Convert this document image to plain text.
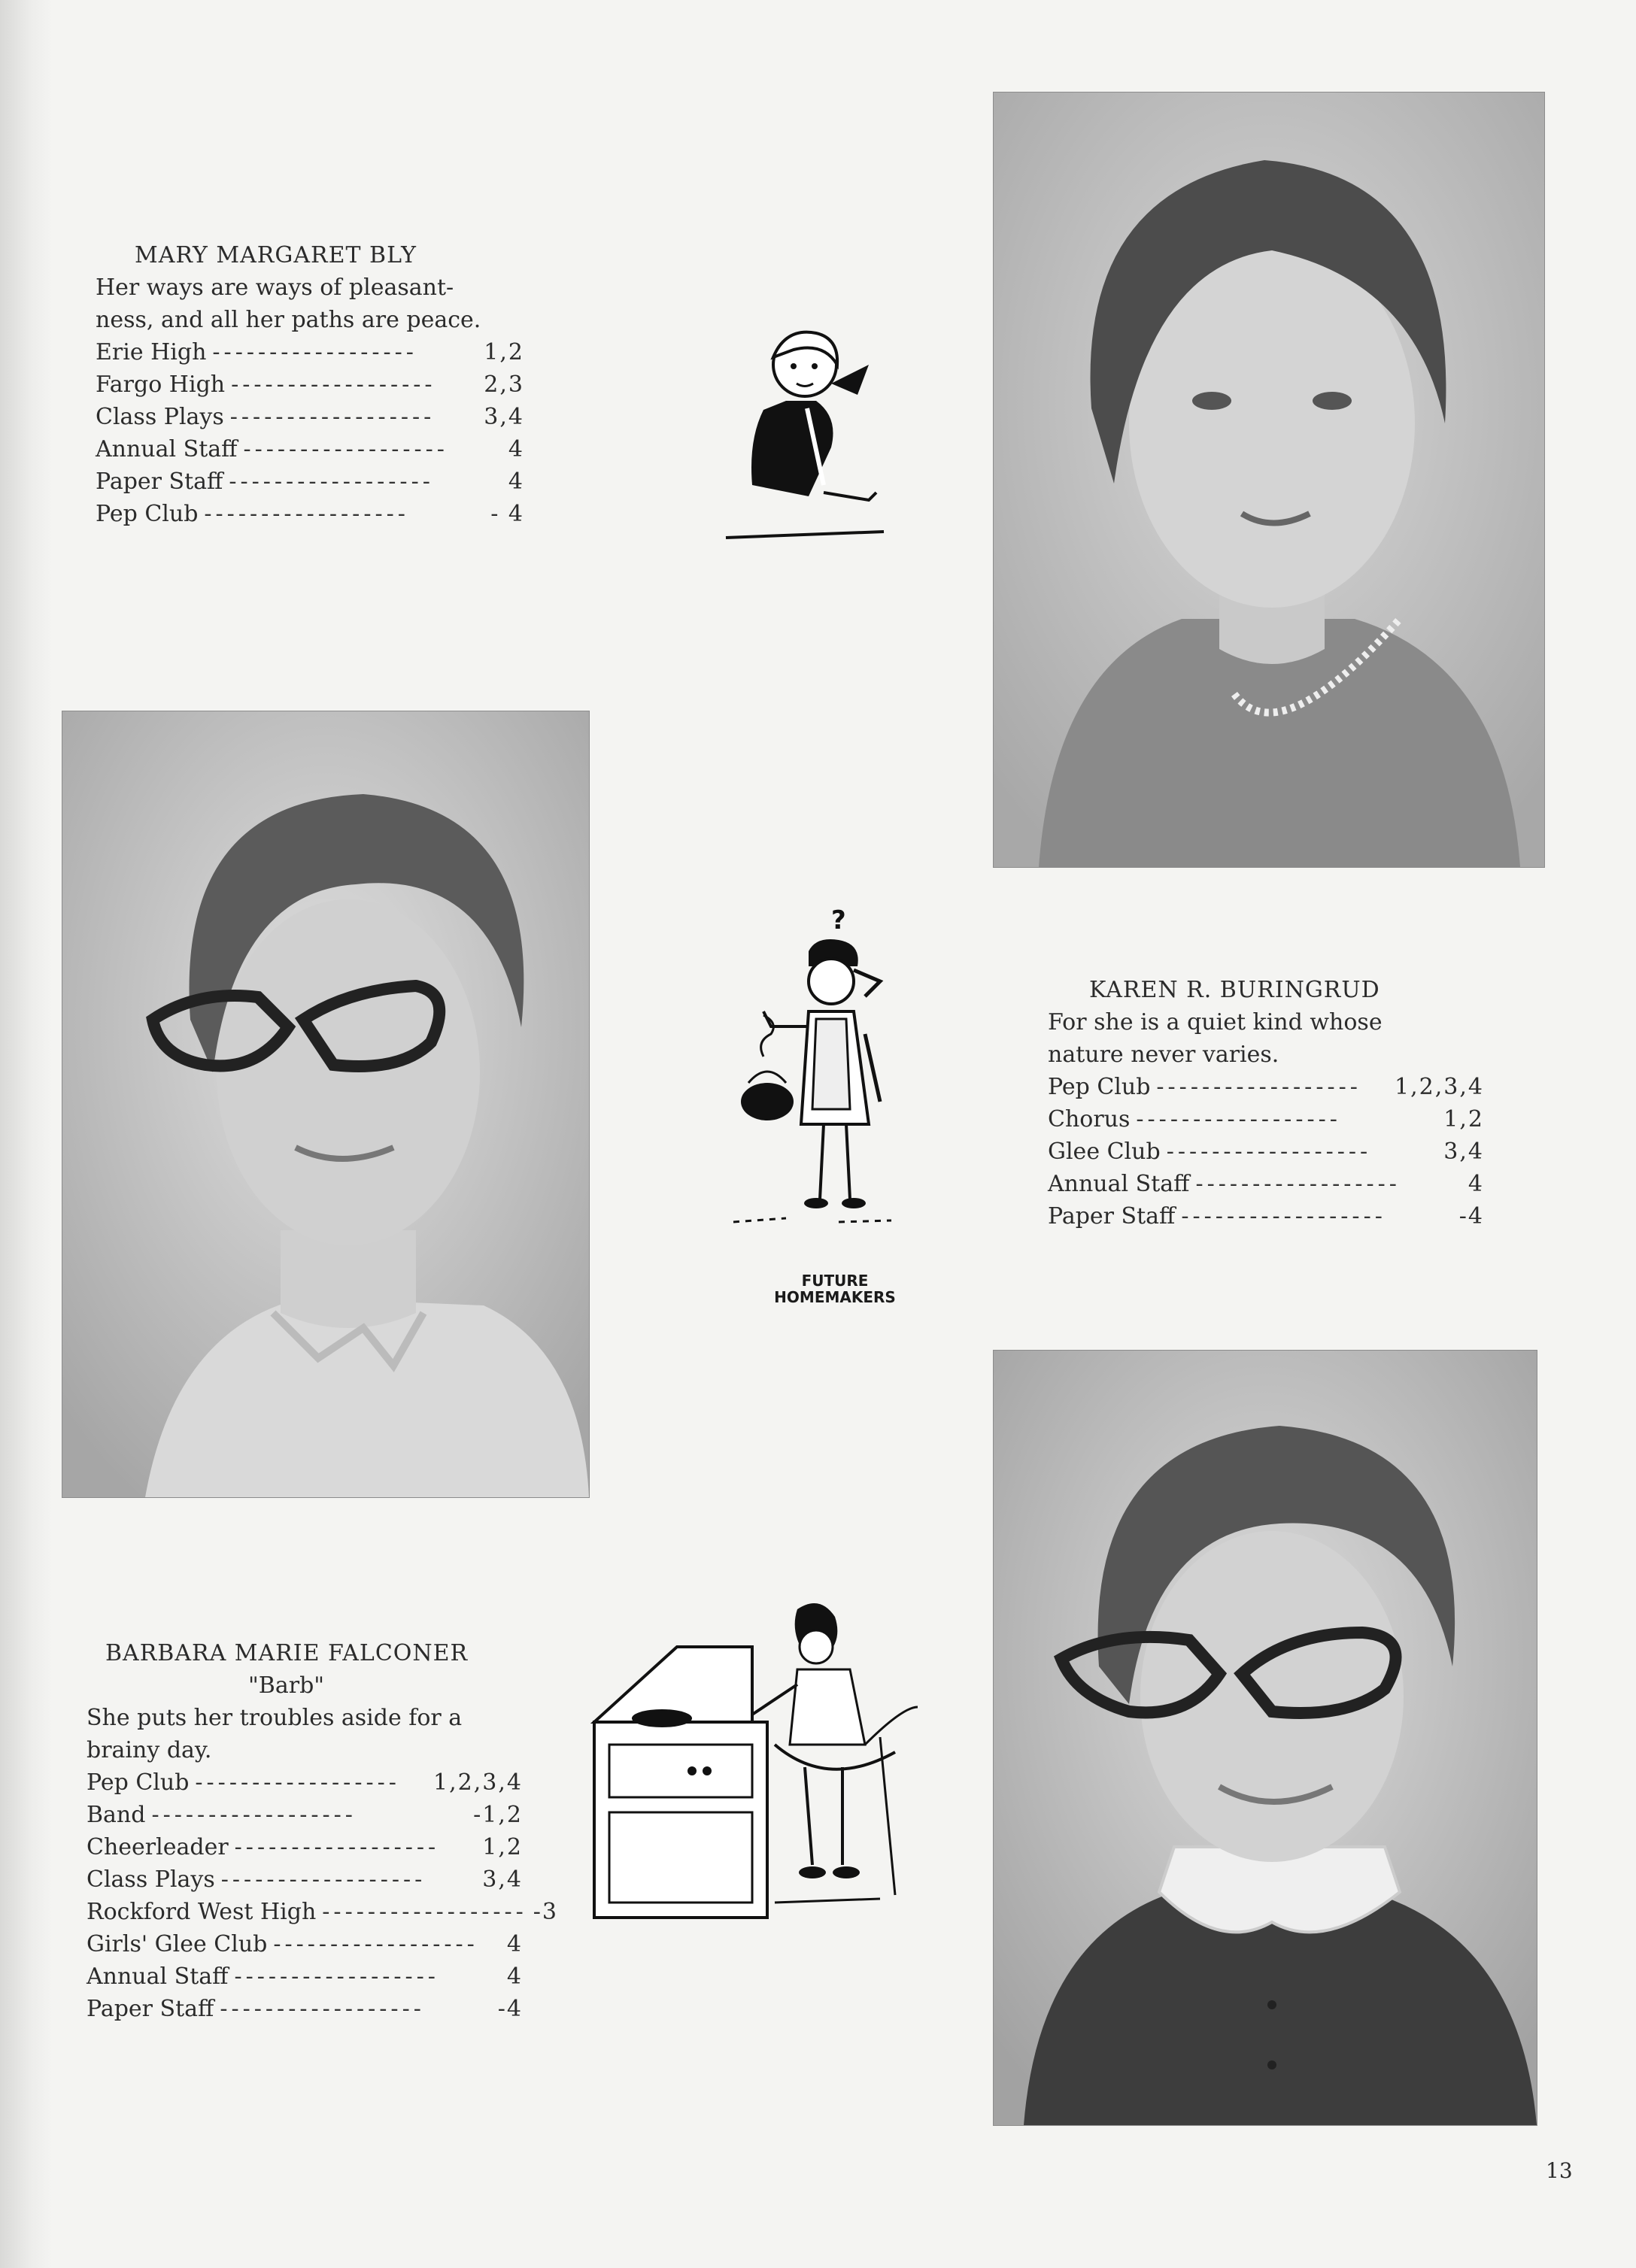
MARY MARGARET BLY
Her ways are ways of pleasant-
ness, and all her paths are peace.
Erie High ------------------	1,2
Fargo High ------------------	2,3
Class Plays ------------------	3,4
Annual Staff ------------------	4
Paper Staff ------------------	4
Pep Club ------------------	- 4
?
FUTURE
HOMEMAKERS
KAREN R. BURINGRUD
For she is a quiet kind whose
nature never varies.
Pep Club ------------------	1,2,3,4
Chorus ------------------	1,2
Glee Club ------------------	3,4
Annual Staff ------------------	4
Paper Staff ------------------	-4
BARBARA MARIE FALCONER
"Barb"
She puts her troubles aside for a
brainy day.
Pep Club ------------------	1,2,3,4
Band ------------------	-1,2
Cheerleader ------------------	1,2
Class Plays ------------------	3,4
Rockford West High ------------------ -3
Girls' Glee Club ------------------	4
Annual Staff ------------------	4
Paper Staff ------------------	-4
13
